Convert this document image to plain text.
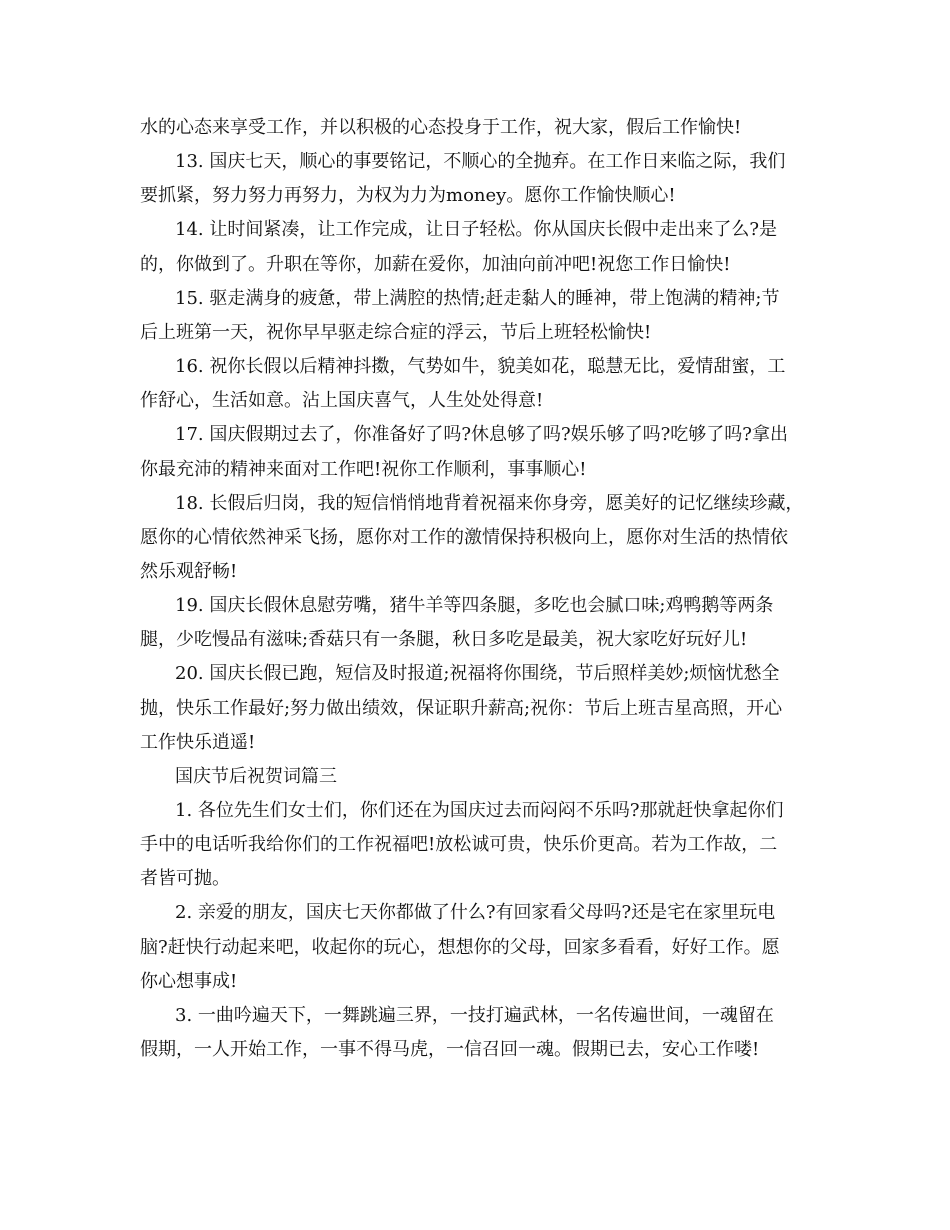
水的心态来享受工作，并以积极的心态投身于工作，祝大家，假后工作愉快!
13. 国庆七天，顺心的事要铭记，不顺心的全抛弃。在工作日来临之际，我们
要抓紧，努力努力再努力，为权为力为money。愿你工作愉快顺心!
14. 让时间紧凑，让工作完成，让日子轻松。你从国庆长假中走出来了么?是
的，你做到了。升职在等你，加薪在爱你，加油向前冲吧!祝您工作日愉快!
15. 驱走满身的疲惫，带上满腔的热情;赶走黏人的睡神，带上饱满的精神;节
后上班第一天，祝你早早驱走综合症的浮云，节后上班轻松愉快!
16. 祝你长假以后精神抖擞，气势如牛，貌美如花，聪慧无比，爱情甜蜜，工
作舒心，生活如意。沾上国庆喜气，人生处处得意!
17. 国庆假期过去了，你准备好了吗?休息够了吗?娱乐够了吗?吃够了吗?拿出
你最充沛的精神来面对工作吧!祝你工作顺利，事事顺心!
18. 长假后归岗，我的短信悄悄地背着祝福来你身旁，愿美好的记忆继续珍藏，
愿你的心情依然神采飞扬，愿你对工作的激情保持积极向上，愿你对生活的热情依
然乐观舒畅!
19. 国庆长假休息慰劳嘴，猪牛羊等四条腿，多吃也会腻口味;鸡鸭鹅等两条
腿，少吃慢品有滋味;香菇只有一条腿，秋日多吃是最美，祝大家吃好玩好儿!
20. 国庆长假已跑，短信及时报道;祝福将你围绕，节后照样美妙;烦恼忧愁全
抛，快乐工作最好;努力做出绩效，保证职升薪高;祝你：节后上班吉星高照，开心
工作快乐逍遥!
国庆节后祝贺词篇三
1. 各位先生们女士们，你们还在为国庆过去而闷闷不乐吗?那就赶快拿起你们
手中的电话听我给你们的工作祝福吧!放松诚可贵，快乐价更高。若为工作故，二
者皆可抛。
2. 亲爱的朋友，国庆七天你都做了什么?有回家看父母吗?还是宅在家里玩电
脑?赶快行动起来吧，收起你的玩心，想想你的父母，回家多看看，好好工作。愿
你心想事成!
3. 一曲吟遍天下，一舞跳遍三界，一技打遍武林，一名传遍世间，一魂留在
假期，一人开始工作，一事不得马虎，一信召回一魂。假期已去，安心工作喽!
